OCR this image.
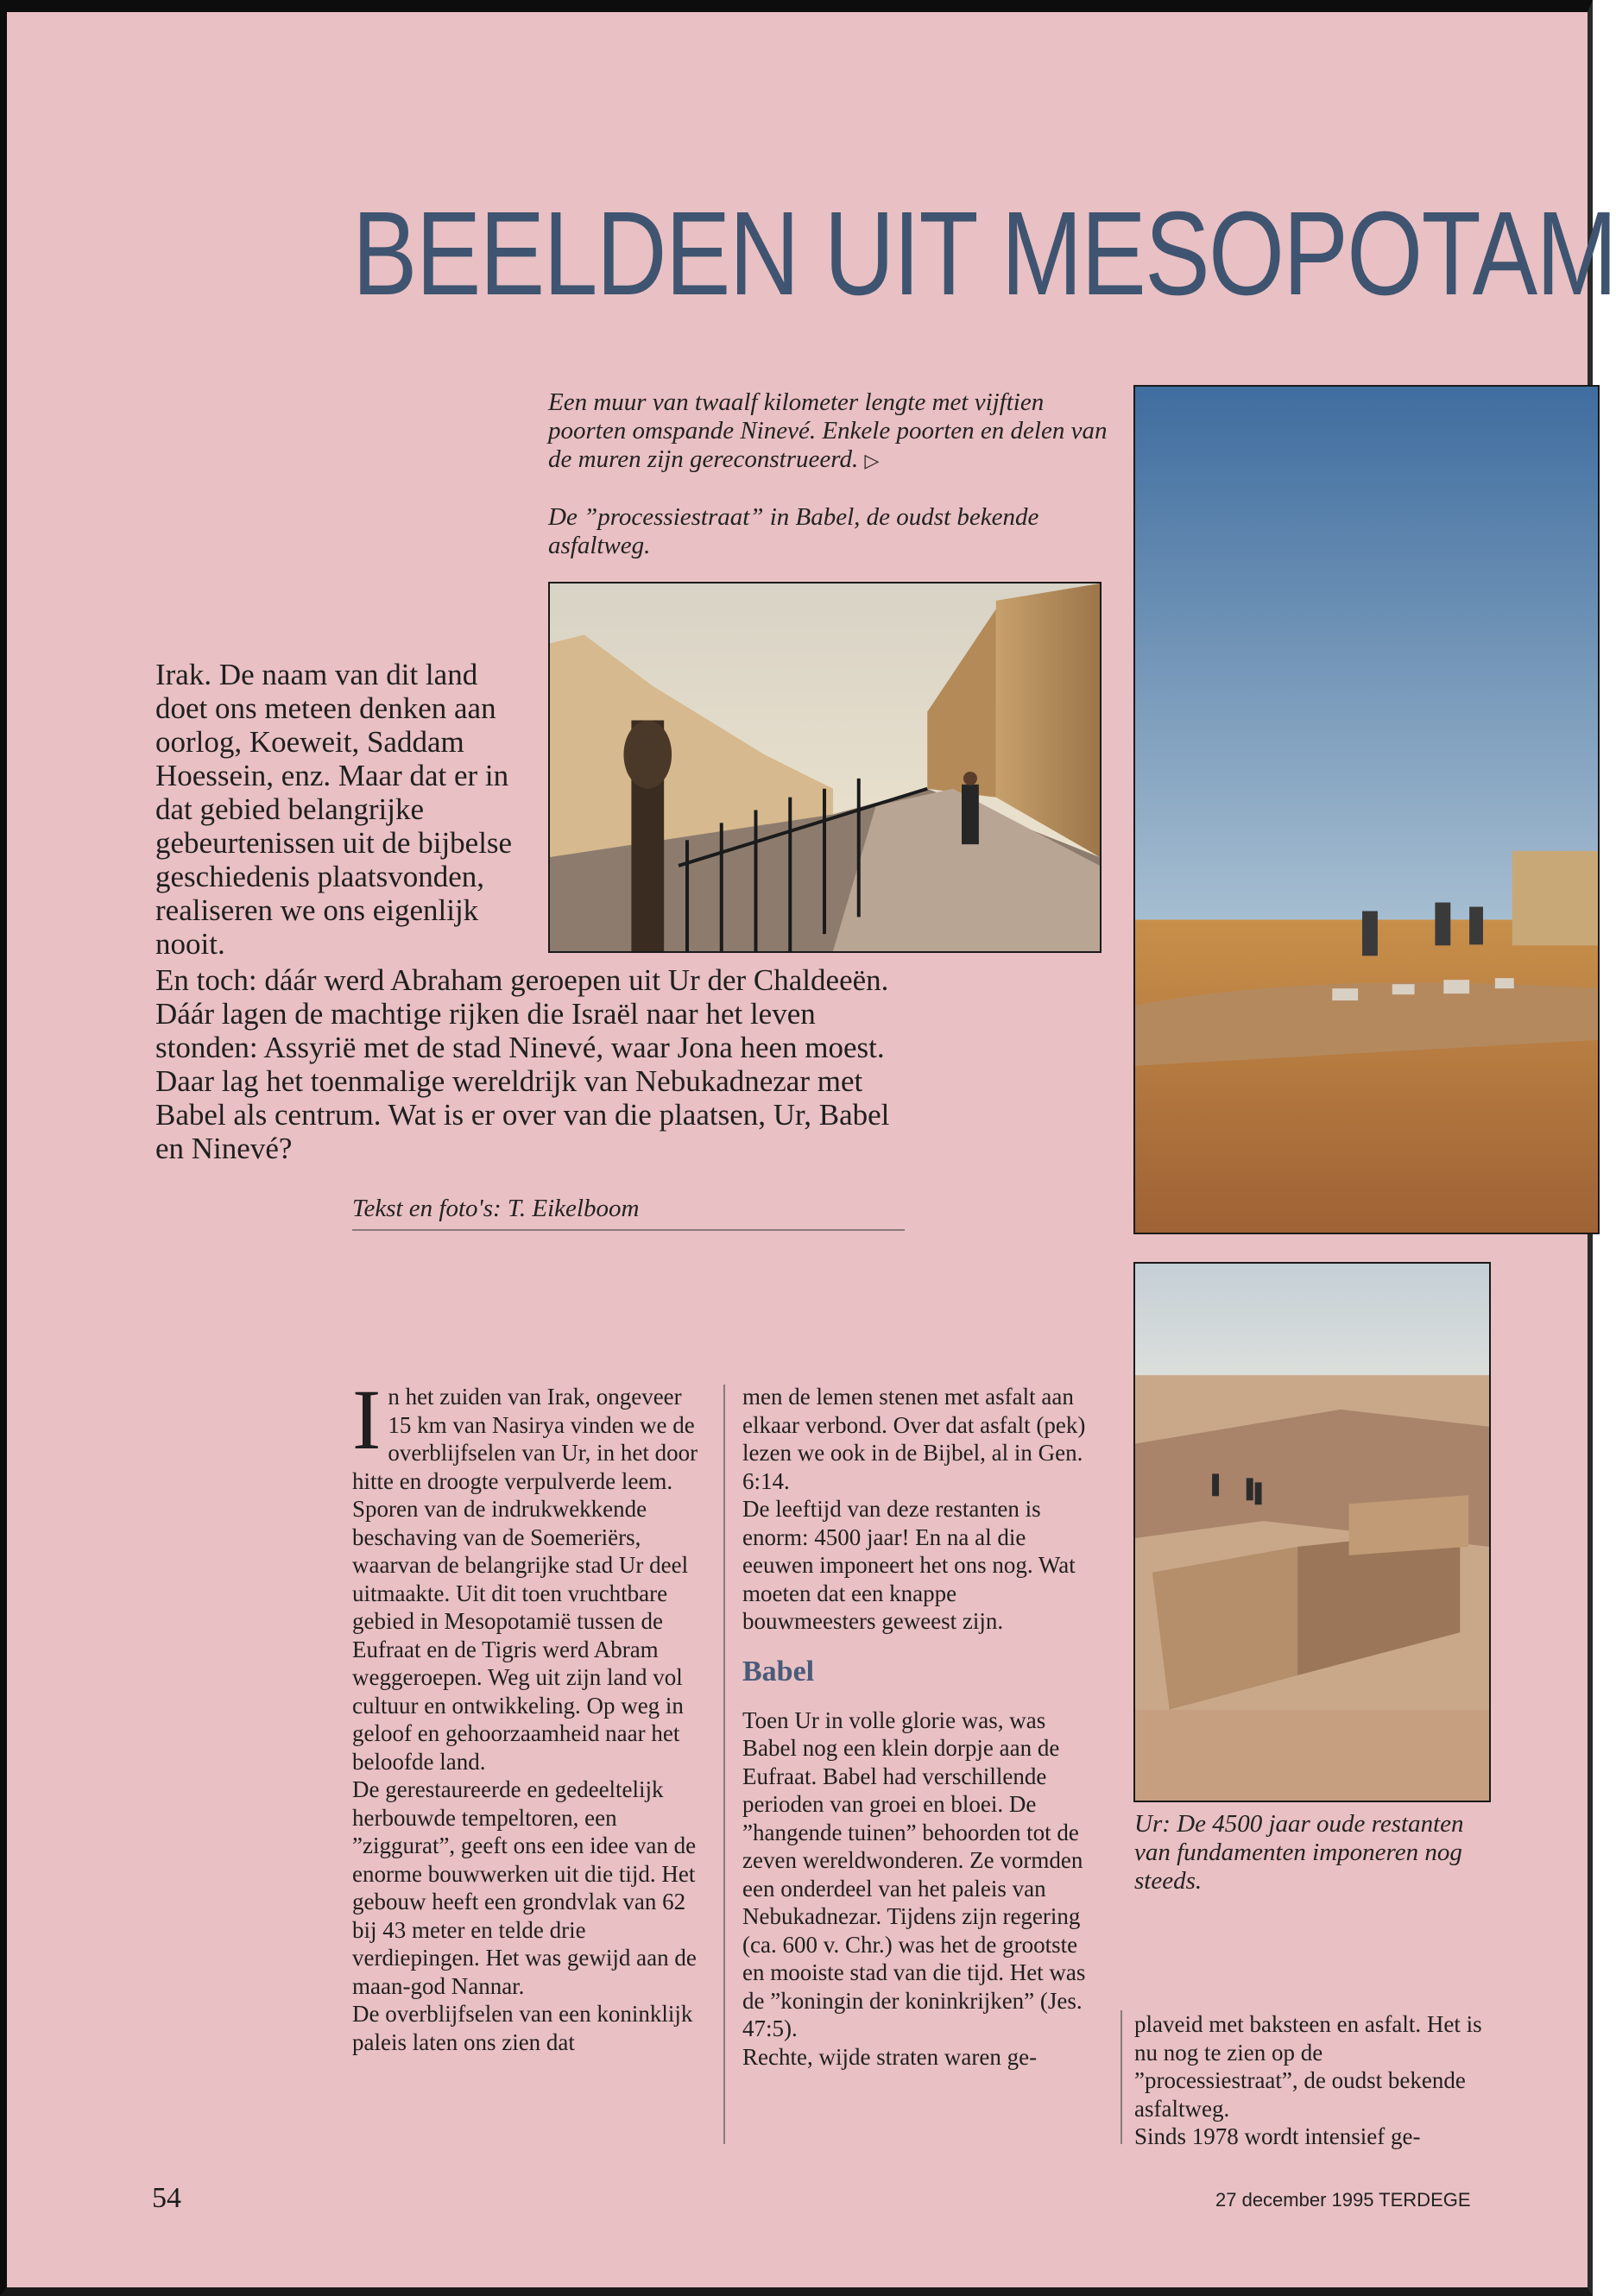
BEELDEN UIT MESOPOTAM
Een muur van twaalf kilometer lengte met vijftien poorten omspande Ninevé. Enkele poorten en delen van de muren zijn gereconstrueerd. ▷
De ”processiestraat” in Babel, de oudst bekende asfaltweg.
Irak. De naam van dit land doet ons meteen denken aan oorlog, Koeweit, Saddam Hoessein, enz. Maar dat er in dat gebied belangrijke gebeurtenissen uit de bijbelse geschiedenis plaatsvonden, realiseren we ons eigenlijk nooit.
En toch: dáár werd Abraham geroepen uit Ur der Chaldeeën. Dáár lagen de machtige rijken die Israël naar het leven stonden: Assyrië met de stad Ninevé, waar Jona heen moest. Daar lag het toenmalige wereldrijk van Nebukadnezar met Babel als centrum. Wat is er over van die plaatsen, Ur, Babel en Ninevé?
Tekst en foto's: T. Eikelboom
Ur: De 4500 jaar oude restanten van fundamenten imponeren nog steeds.

In het zuiden van Irak, ongeveer 15 km van Nasirya vinden we de overblijfselen van Ur, in het door hitte en droogte verpulverde leem. Sporen van de indrukwekkende beschaving van de Soemeriërs, waarvan de belangrijke stad Ur deel uitmaakte. Uit dit toen vruchtbare gebied in Mesopotamië tussen de Eufraat en de Tigris werd Abram weggeroepen. Weg uit zijn land vol cultuur en ontwikkeling. Op weg in geloof en gehoorzaamheid naar het beloofde land.

De gerestaureerde en gedeeltelijk herbouwde tempeltoren, een ”ziggurat”, geeft ons een idee van de enorme bouwwerken uit die tijd. Het gebouw heeft een grondvlak van 62 bij 43 meter en telde drie verdiepingen. Het was gewijd aan de maan-god Nannar.

De overblijfselen van een koninklijk paleis laten ons zien dat

men de lemen stenen met asfalt aan elkaar verbond. Over dat asfalt (pek) lezen we ook in de Bijbel, al in Gen. 6:14.

De leeftijd van deze restanten is enorm: 4500 jaar! En na al die eeuwen imponeert het ons nog. Wat moeten dat een knappe bouwmeesters geweest zijn.

Babel

Toen Ur in volle glorie was, was Babel nog een klein dorpje aan de Eufraat. Babel had verschillende perioden van groei en bloei. De ”hangende tuinen” behoorden tot de zeven wereldwonderen. Ze vormden een onderdeel van het paleis van Nebukadnezar. Tijdens zijn regering (ca. 600 v. Chr.) was het de grootste en mooiste stad van die tijd. Het was de ”koningin der koninkrijken” (Jes. 47:5).

Rechte, wijde straten waren ge-

plaveid met baksteen en asfalt. Het is nu nog te zien op de ”processiestraat”, de oudst bekende asfaltweg.

Sinds 1978 wordt intensief ge-

54	27 december 1995 TERDEGE
